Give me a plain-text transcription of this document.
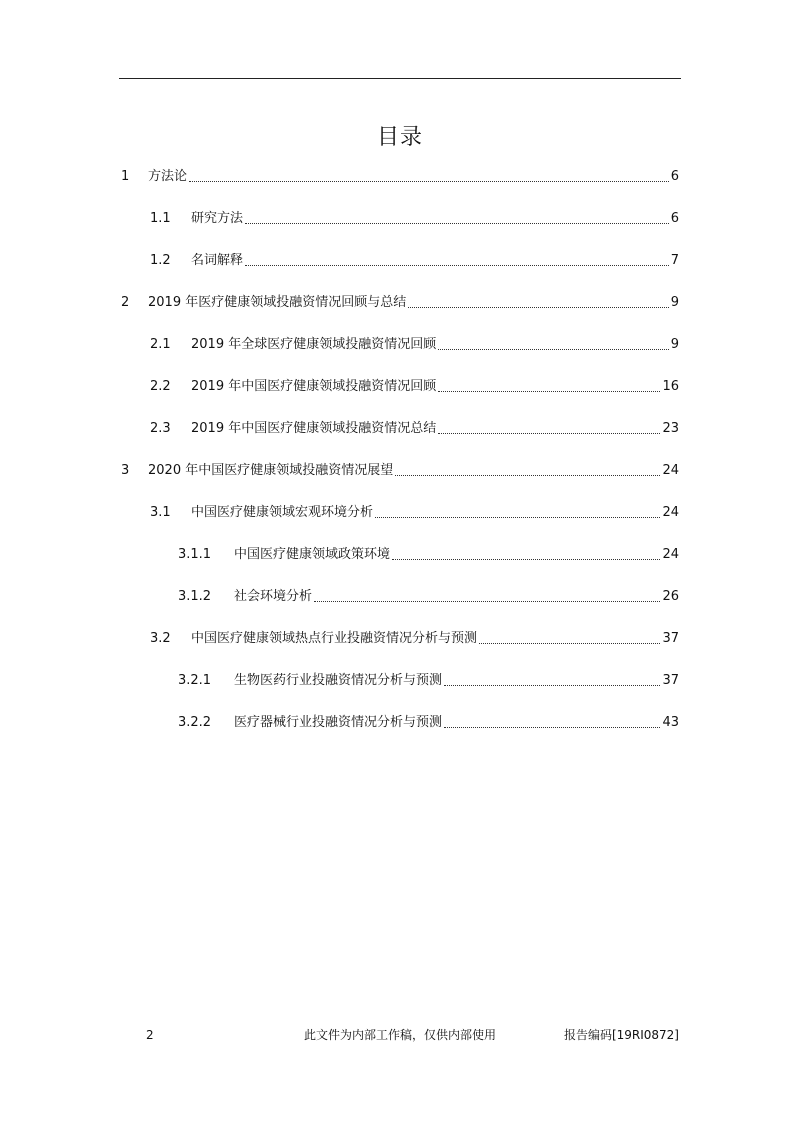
目录
1	方法论	6
1.1	研究方法	6
1.2	名词解释	7
2	2019 年医疗健康领域投融资情况回顾与总结	9
2.1	2019 年全球医疗健康领域投融资情况回顾	9
2.2	2019 年中国医疗健康领域投融资情况回顾	16
2.3	2019 年中国医疗健康领域投融资情况总结	23
3	2020 年中国医疗健康领域投融资情况展望	24
3.1	中国医疗健康领域宏观环境分析	24
3.1.1	中国医疗健康领域政策环境	24
3.1.2	社会环境分析	26
3.2	中国医疗健康领域热点行业投融资情况分析与预测	37
3.2.1	生物医药行业投融资情况分析与预测	37
3.2.2	医疗器械行业投融资情况分析与预测	43
2	此文件为内部工作稿，仅供内部使用	报告编码[19RI0872]
